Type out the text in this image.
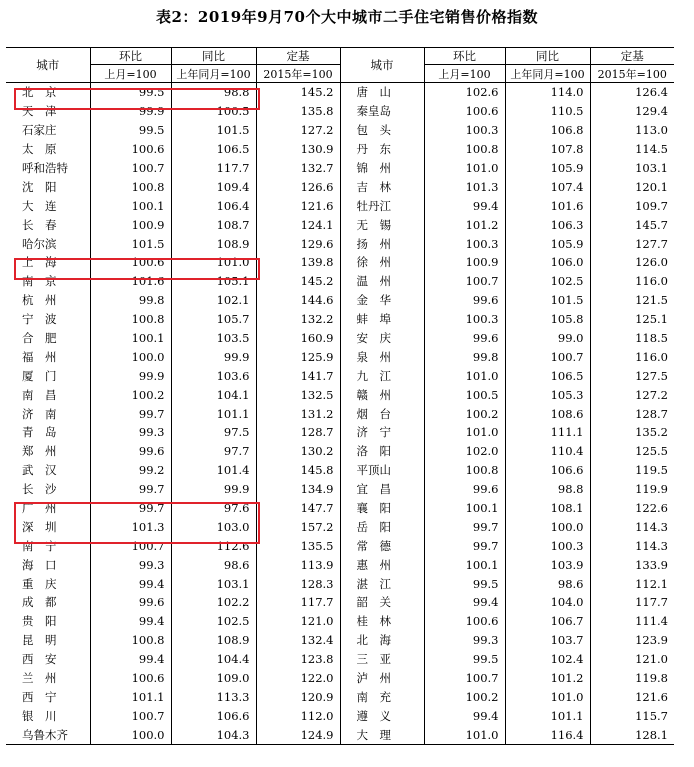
表2：2019年9月70个大中城市二手住宅销售价格指数
城市	环比	同比	定基	城市	环比	同比	定基
	上月=100	上年同月=100	2015年=100		上月=100	上年同月=100	2015年=100
北　京	99.5	98.8	145.2	唐　山	102.6	114.0	126.4
天　津	99.9	100.5	135.8	秦皇岛	100.6	110.5	129.4
石家庄	99.5	101.5	127.2	包　头	100.3	106.8	113.0
太　原	100.6	106.5	130.9	丹　东	100.8	107.8	114.5
呼和浩特	100.7	117.7	132.7	锦　州	101.0	105.9	103.1
沈　阳	100.8	109.4	126.6	吉　林	101.3	107.4	120.1
大　连	100.1	106.4	121.6	牡丹江	99.4	101.6	109.7
长　春	100.9	108.7	124.1	无　锡	101.2	106.3	145.7
哈尔滨	101.5	108.9	129.6	扬　州	100.3	105.9	127.7
上　海	100.6	101.0	139.8	徐　州	100.9	106.0	126.0
南　京	101.6	105.1	145.2	温　州	100.7	102.5	116.0
杭　州	99.8	102.1	144.6	金　华	99.6	101.5	121.5
宁　波	100.8	105.7	132.2	蚌　埠	100.3	105.8	125.1
合　肥	100.1	103.5	160.9	安　庆	99.6	99.0	118.5
福　州	100.0	99.9	125.9	泉　州	99.8	100.7	116.0
厦　门	99.9	103.6	141.7	九　江	101.0	106.5	127.5
南　昌	100.2	104.1	132.5	赣　州	100.5	105.3	127.2
济　南	99.7	101.1	131.2	烟　台	100.2	108.6	128.7
青　岛	99.3	97.5	128.7	济　宁	101.0	111.1	135.2
郑　州	99.6	97.7	130.2	洛　阳	102.0	110.4	125.5
武　汉	99.2	101.4	145.8	平顶山	100.8	106.6	119.5
长　沙	99.7	99.9	134.9	宜　昌	99.6	98.8	119.9
广　州	99.7	97.6	147.7	襄　阳	100.1	108.1	122.6
深　圳	101.3	103.0	157.2	岳　阳	99.7	100.0	114.3
南　宁	100.7	112.6	135.5	常　德	99.7	100.3	114.3
海　口	99.3	98.6	113.9	惠　州	100.1	103.9	133.9
重　庆	99.4	103.1	128.3	湛　江	99.5	98.6	112.1
成　都	99.6	102.2	117.7	韶　关	99.4	104.0	117.7
贵　阳	99.4	102.5	121.0	桂　林	100.6	106.7	111.4
昆　明	100.8	108.9	132.4	北　海	99.3	103.7	123.9
西　安	99.4	104.4	123.8	三　亚	99.5	102.4	121.0
兰　州	100.6	109.0	122.0	泸　州	100.7	101.2	119.8
西　宁	101.1	113.3	120.9	南　充	100.2	101.0	121.6
银　川	100.7	106.6	112.0	遵　义	99.4	101.1	115.7
乌鲁木齐	100.0	104.3	124.9	大　理	101.0	116.4	128.1
